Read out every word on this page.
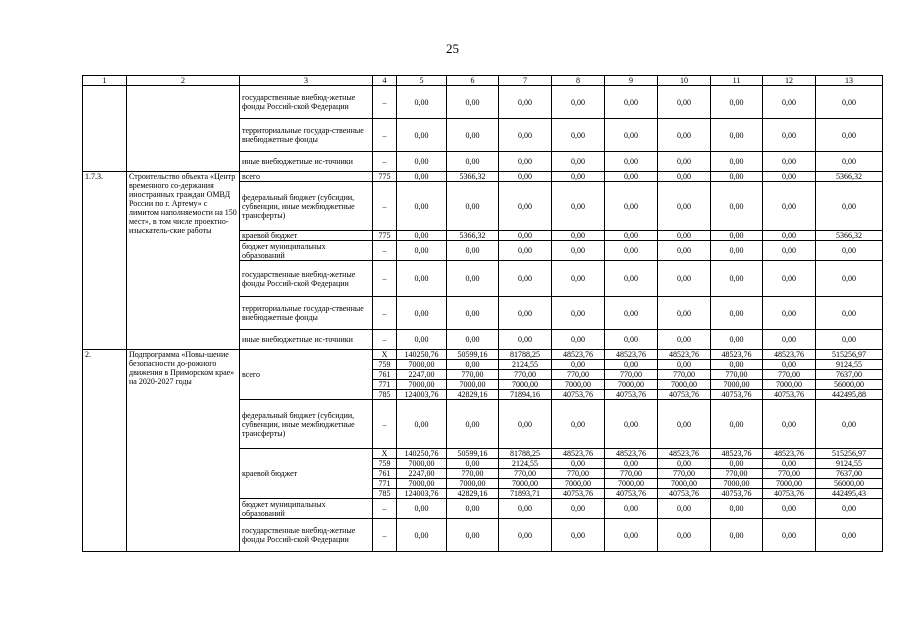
25
1	2	3	4	5	6	7	8	9	10	11	12	13
		государственные внебюд-жетные фонды Россий-ской Федерации	–	0,00	0,00	0,00	0,00	0,00	0,00	0,00	0,00	0,00
		территориальные государ-ственные внебюджетные фонды	–	0,00	0,00	0,00	0,00	0,00	0,00	0,00	0,00	0,00
		иные внебюджетные ис-точники	–	0,00	0,00	0,00	0,00	0,00	0,00	0,00	0,00	0,00
1.7.3.	Строительство объекта «Центр временного со-держания иностранных граждан ОМВД России по г. Артему» с лимитом наполняемости на 150 мест», в том числе проектно-изыскатель-ские работы	всего	775	0,00	5366,32	0,00	0,00	0,00	0,00	0,00	0,00	5366,32
		федеральный бюджет (субсидии, субвенции, иные межбюджетные трансферты)	–	0,00	0,00	0,00	0,00	0,00	0,00	0,00	0,00	0,00
		краевой бюджет	775	0,00	5366,32	0,00	0,00	0,00	0,00	0,00	0,00	5366,32
		бюджет муниципальных образований	–	0,00	0,00	0,00	0,00	0,00	0,00	0,00	0,00	0,00
		государственные внебюд-жетные фонды Россий-ской Федерации	–	0,00	0,00	0,00	0,00	0,00	0,00	0,00	0,00	0,00
		территориальные государ-ственные внебюджетные фонды	–	0,00	0,00	0,00	0,00	0,00	0,00	0,00	0,00	0,00
		иные внебюджетные ис-точники	–	0,00	0,00	0,00	0,00	0,00	0,00	0,00	0,00	0,00
2.	Подпрограмма «Повы-шение безопасности до-рожного движения в Приморском крае» на 2020-2027 годы	всего	X	140250,76	50599,16	81788,25	48523,76	48523,76	48523,76	48523,76	48523,76	515256,97
			759	7000,00	0,00	2124,55	0,00	0,00	0,00	0,00	0,00	9124,55
			761	2247,00	770,00	770,00	770,00	770,00	770,00	770,00	770,00	7637,00
			771	7000,00	7000,00	7000,00	7000,00	7000,00	7000,00	7000,00	7000,00	56000,00
			785	124003,76	42829,16	71894,16	40753,76	40753,76	40753,76	40753,76	40753,76	442495,88
		федеральный бюджет (субсидии, субвенции, иные межбюджетные трансферты)	–	0,00	0,00	0,00	0,00	0,00	0,00	0,00	0,00	0,00
		краевой бюджет	X	140250,76	50599,16	81788,25	48523,76	48523,76	48523,76	48523,76	48523,76	515256,97
			759	7000,00	0,00	2124,55	0,00	0,00	0,00	0,00	0,00	9124,55
			761	2247,00	770,00	770,00	770,00	770,00	770,00	770,00	770,00	7637,00
			771	7000,00	7000,00	7000,00	7000,00	7000,00	7000,00	7000,00	7000,00	56000,00
			785	124003,76	42829,16	71893,71	40753,76	40753,76	40753,76	40753,76	40753,76	442495,43
		бюджет муниципальных образований	–	0,00	0,00	0,00	0,00	0,00	0,00	0,00	0,00	0,00
		государственные внебюд-жетные фонды Россий-ской Федерации	–	0,00	0,00	0,00	0,00	0,00	0,00	0,00	0,00	0,00
